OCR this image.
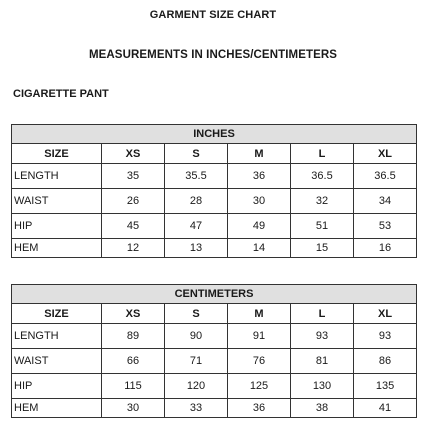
GARMENT SIZE CHART
MEASUREMENTS IN INCHES/CENTIMETERS
CIGARETTE PANT
INCHES					
SIZE	XS	S	M	L	XL
LENGTH	35	35.5	36	36.5	36.5
WAIST	26	28	30	32	34
HIP	45	47	49	51	53
HEM	12	13	14	15	16
CENTIMETERS					
SIZE	XS	S	M	L	XL
LENGTH	89	90	91	93	93
WAIST	66	71	76	81	86
HIP	115	120	125	130	135
HEM	30	33	36	38	41
